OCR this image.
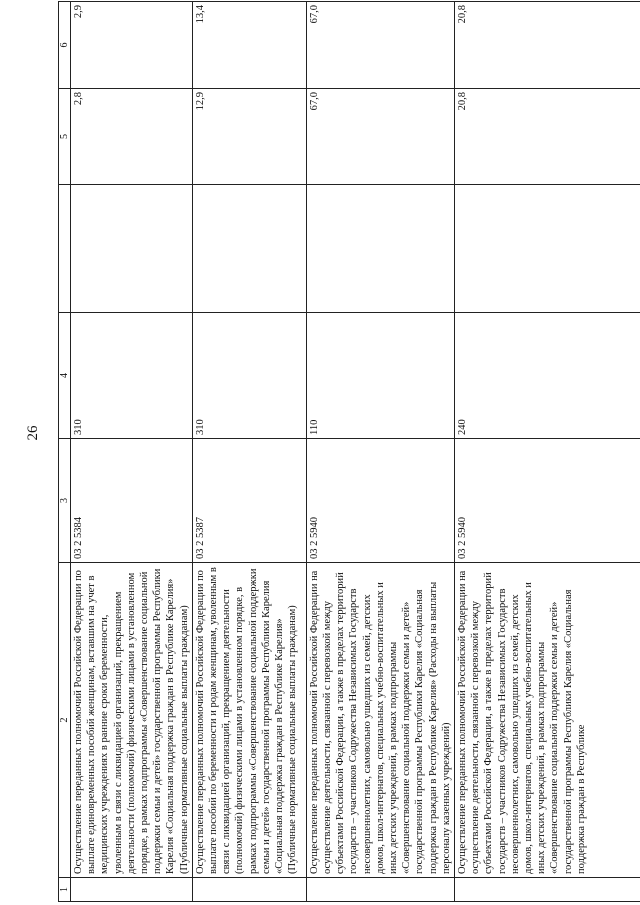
26
1	2	3	4		5	6
	Осуществление переданных полномочий Российской Федерации по выплате единовременных пособий женщинам, вставшим на учет в медицинских учреждениях в ранние сроки беременности, уволенным в связи с ликвидацией организаций, прекращением деятельности (полномочий) физическими лицами в установленном порядке, в рамках подпрограммы «Совершенствование социальной поддержки семьи и детей» государственной программы Республики Карелия «Социальная поддержка граждан в Республике Карелия» (Публичные нормативные социальные выплаты гражданам)	03 2 5384	310		2,8	2,9
	Осуществление переданных полномочий Российской Федерации по выплате пособий по беременности и родам женщинам, уволенным в связи с ликвидацией организаций, прекращением деятельности (полномочий) физическими лицами в установленном порядке, в рамках подпрограммы «Совершенствование социальной поддержки семьи и детей» государственной программы Республики Карелия «Социальная поддержка граждан в Республике Карелия» (Публичные нормативные социальные выплаты гражданам)	03 2 5387	310		12,9	13,4
	Осуществление переданных полномочий Российской Федерации на осуществление деятельности, связанной с перевозкой между субъектами Российской Федерации, а также в пределах территорий государств – участников Содружества Независимых Государств несовершеннолетних, самовольно ушедших из семей, детских домов, школ-интернатов, специальных учебно-воспитательных и иных детских учреждений, в рамках подпрограммы «Совершенствование социальной поддержки семьи и детей» государственной программы Республики Карелия «Социальная поддержка граждан в Республике Карелия» (Расходы на выплаты персоналу казенных учреждений)	03 2 5940	110		67,0	67,0
	Осуществление переданных полномочий Российской Федерации на осуществление деятельности, связанной с перевозкой между субъектами Российской Федерации, а также в пределах территорий государств – участников Содружества Независимых Государств несовершеннолетних, самовольно ушедших из семей, детских домов, школ-интернатов, специальных учебно-воспитательных и иных детских учреждений, в рамках подпрограммы «Совершенствование социальной поддержки семьи и детей» государственной программы Республики Карелия «Социальная поддержка граждан в Республике	03 2 5940	240		20,8	20,8
